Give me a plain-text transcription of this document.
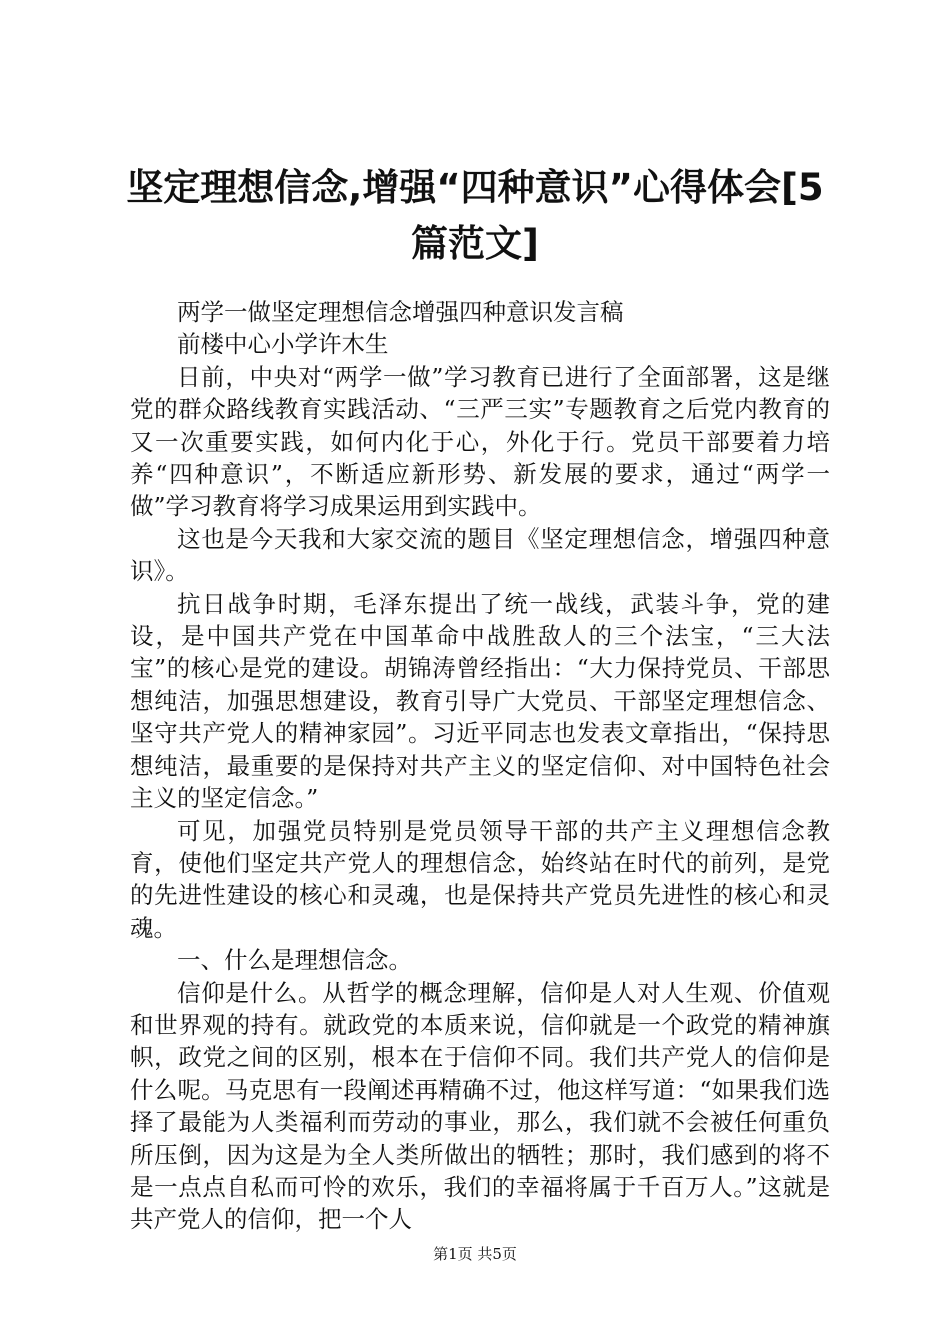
坚定理想信念,增强“四种意识”心得体会[5
篇范文]

两学一做坚定理想信念增强四种意识发言稿

前楼中心小学许木生

日前，中央对“两学一做”学习教育已进行了全面部署，这是继党的群众路线教育实践活动、“三严三实”专题教育之后党内教育的又一次重要实践，如何内化于心，外化于行。党员干部要着力培养“四种意识”，不断适应新形势、新发展的要求，通过“两学一做”学习教育将学习成果运用到实践中。

这也是今天我和大家交流的题目《坚定理想信念，增强四种意识》。

抗日战争时期，毛泽东提出了统一战线，武装斗争，党的建设，是中国共产党在中国革命中战胜敌人的三个法宝，“三大法宝”的核心是党的建设。胡锦涛曾经指出：“大力保持党员、干部思想纯洁，加强思想建设，教育引导广大党员、干部坚定理想信念、坚守共产党人的精神家园”。习近平同志也发表文章指出，“保持思想纯洁，最重要的是保持对共产主义的坚定信仰、对中国特色社会主义的坚定信念。”

可见，加强党员特别是党员领导干部的共产主义理想信念教育，使他们坚定共产党人的理想信念，始终站在时代的前列，是党的先进性建设的核心和灵魂，也是保持共产党员先进性的核心和灵魂。

一、什么是理想信念。

信仰是什么。从哲学的概念理解，信仰是人对人生观、价值观和世界观的持有。就政党的本质来说，信仰就是一个政党的精神旗帜，政党之间的区别，根本在于信仰不同。我们共产党人的信仰是什么呢。马克思有一段阐述再精确不过，他这样写道：“如果我们选择了最能为人类福利而劳动的事业，那么，我们就不会被任何重负所压倒，因为这是为全人类所做出的牺牲；那时，我们感到的将不是一点点自私而可怜的欢乐，我们的幸福将属于千百万人。”这就是共产党人的信仰，把一个人

第1页 共5页
